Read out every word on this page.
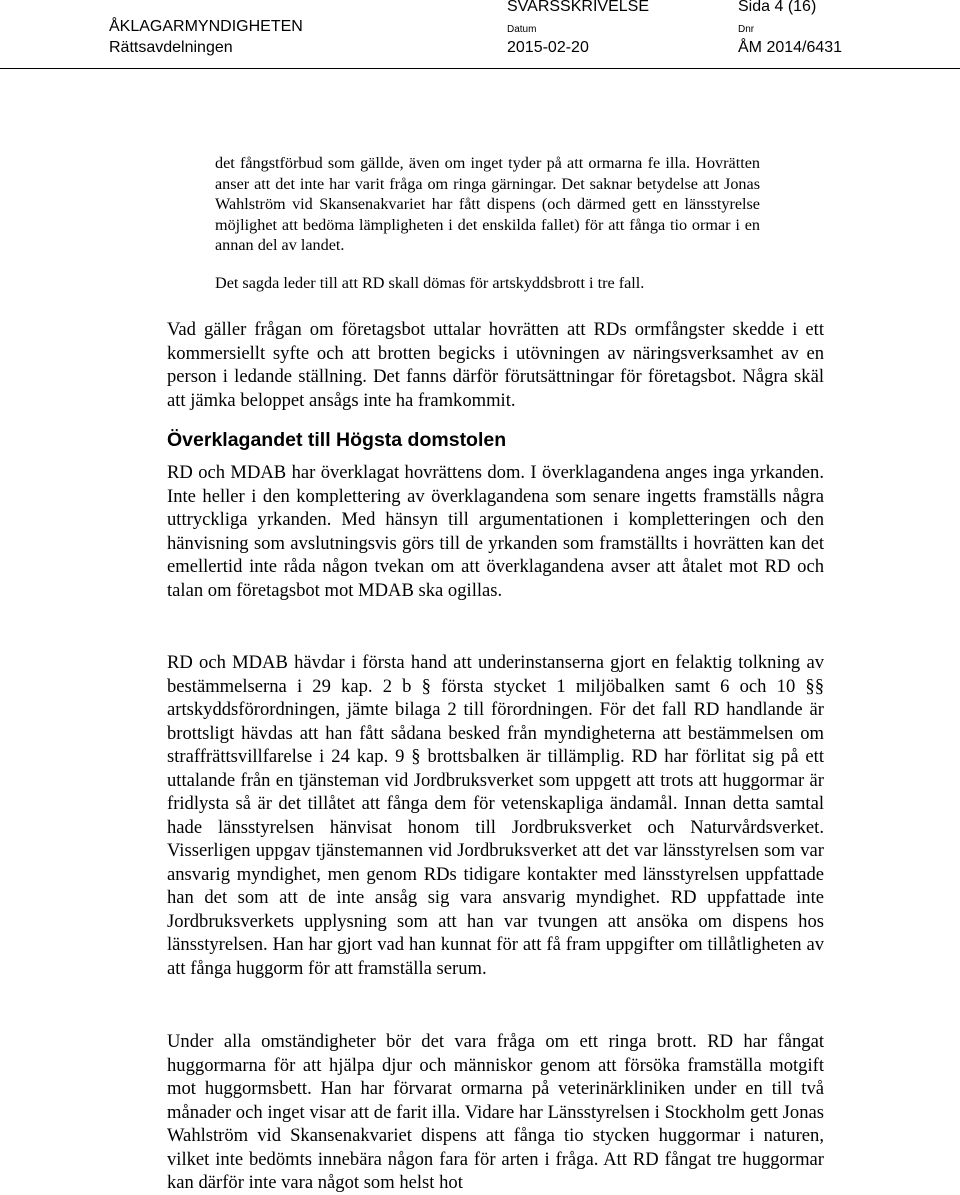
ÅKLAGARMYNDIGHETEN
Rättsavdelningen
SVARSSKRIVELSE	Sida 4 (16)
Datum
2015-02-20
Dnr
ÅM 2014/6431

det fångstförbud som gällde, även om inget tyder på att ormarna fe illa. Hovrätten anser att det inte har varit fråga om ringa gärningar. Det saknar betydelse att Jonas Wahlström vid Skansenakvariet har fått dispens (och därmed gett en länsstyrelse möjlighet att bedöma lämpligheten i det enskilda fallet) för att fånga tio ormar i en annan del av landet.

Det sagda leder till att RD skall dömas för artskyddsbrott i tre fall.

Vad gäller frågan om företagsbot uttalar hovrätten att RDs ormfångster skedde i ett kommersiellt syfte och att brotten begicks i utövningen av näringsverksamhet av en person i ledande ställning. Det fanns därför förutsättningar för företagsbot. Några skäl att jämka beloppet ansågs inte ha framkommit.

Överklagandet till Högsta domstolen

RD och MDAB har överklagat hovrättens dom. I överklagandena anges inga yrkanden. Inte heller i den komplettering av överklagandena som senare ingetts framställs några uttryckliga yrkanden. Med hänsyn till argumentationen i kompletteringen och den hänvisning som avslutningsvis görs till de yrkanden som framställts i hovrätten kan det emellertid inte råda någon tvekan om att överklagandena avser att åtalet mot RD och talan om företagsbot mot MDAB ska ogillas.

RD och MDAB hävdar i första hand att underinstanserna gjort en felaktig tolkning av bestämmelserna i 29 kap. 2 b § första stycket 1 miljöbalken samt 6 och 10 §§ artskyddsförordningen, jämte bilaga 2 till förordningen. För det fall RD handlande är brottsligt hävdas att han fått sådana besked från myndigheterna att bestämmelsen om straffrättsvillfarelse i 24 kap. 9 § brottsbalken är tillämplig. RD har förlitat sig på ett uttalande från en tjänsteman vid Jordbruksverket som uppgett att trots att huggormar är fridlysta så är det tillåtet att fånga dem för vetenskapliga ändamål. Innan detta samtal hade länsstyrelsen hänvisat honom till Jordbruksverket och Naturvårdsverket. Visserligen uppgav tjänstemannen vid Jordbruksverket att det var länsstyrelsen som var ansvarig myndighet, men genom RDs tidigare kontakter med länsstyrelsen uppfattade han det som att de inte ansåg sig vara ansvarig myndighet. RD uppfattade inte Jordbruksverkets upplysning som att han var tvungen att ansöka om dispens hos länsstyrelsen. Han har gjort vad han kunnat för att få fram uppgifter om tillåtligheten av att fånga huggorm för att framställa serum.

Under alla omständigheter bör det vara fråga om ett ringa brott. RD har fångat huggormarna för att hjälpa djur och människor genom att försöka framställa motgift mot huggormsbett. Han har förvarat ormarna på veterinärkliniken under en till två månader och inget visar att de farit illa. Vidare har Länsstyrelsen i Stockholm gett Jonas Wahlström vid Skansenakvariet dispens att fånga tio stycken huggormar i naturen, vilket inte bedömts innebära någon fara för arten i fråga. Att RD fångat tre huggormar kan därför inte vara något som helst hot
